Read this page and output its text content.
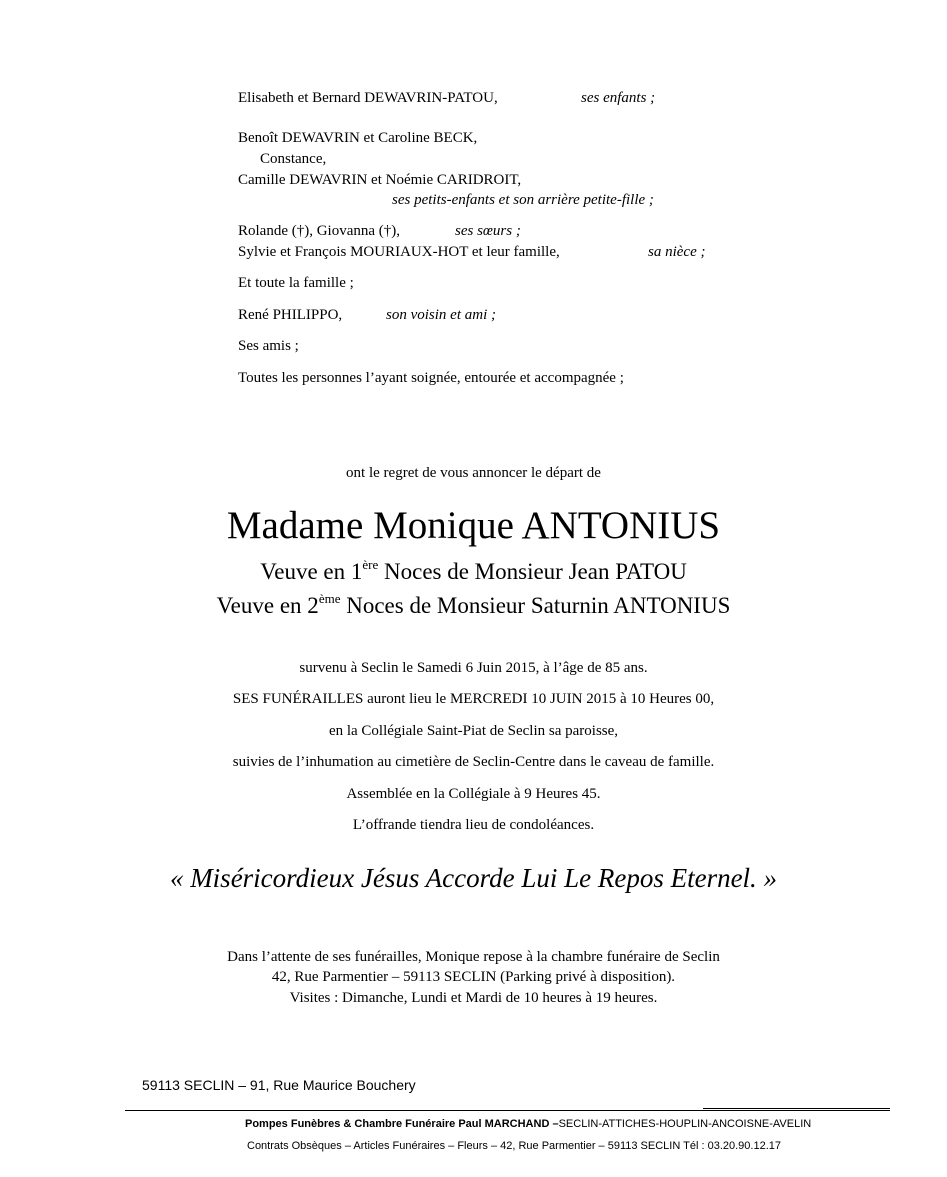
Elisabeth et Bernard DEWAVRIN-PATOU,	ses enfants ;
Benoît DEWAVRIN et Caroline BECK,
Constance,
Camille DEWAVRIN et Noémie CARIDROIT,
ses petits-enfants et son arrière petite-fille ;
Rolande (†), Giovanna (†),	ses sœurs ;
Sylvie et François MOURIAUX-HOT et leur famille,	sa nièce ;
Et toute la famille ;
René PHILIPPO,	son voisin et ami ;
Ses amis ;
Toutes les personnes l’ayant soignée, entourée et accompagnée ;
ont le regret de vous annoncer le départ de
Madame Monique ANTONIUS
Veuve en 1ère Noces de Monsieur Jean PATOU
Veuve en 2ème Noces de Monsieur Saturnin ANTONIUS
survenu à Seclin le Samedi 6 Juin 2015, à l’âge de 85 ans.
SES FUNÉRAILLES auront lieu le MERCREDI 10 JUIN 2015 à 10 Heures 00,
en la Collégiale Saint-Piat de Seclin sa paroisse,
suivies de l’inhumation au cimetière de Seclin-Centre dans le caveau de famille.
Assemblée en la Collégiale à 9 Heures 45.
L’offrande tiendra lieu de condoléances.
« Miséricordieux Jésus Accorde Lui Le Repos Eternel. »
Dans l’attente de ses funérailles, Monique repose à la chambre funéraire de Seclin
42, Rue Parmentier – 59113 SECLIN (Parking privé à disposition).
Visites : Dimanche, Lundi et Mardi de 10 heures à 19 heures.
59113 SECLIN – 91, Rue Maurice Bouchery
Pompes Funèbres & Chambre Funéraire Paul MARCHAND –SECLIN-ATTICHES-HOUPLIN-ANCOISNE-AVELIN
Contrats Obsèques – Articles Funéraires – Fleurs – 42, Rue Parmentier – 59113 SECLIN Tél : 03.20.90.12.17
